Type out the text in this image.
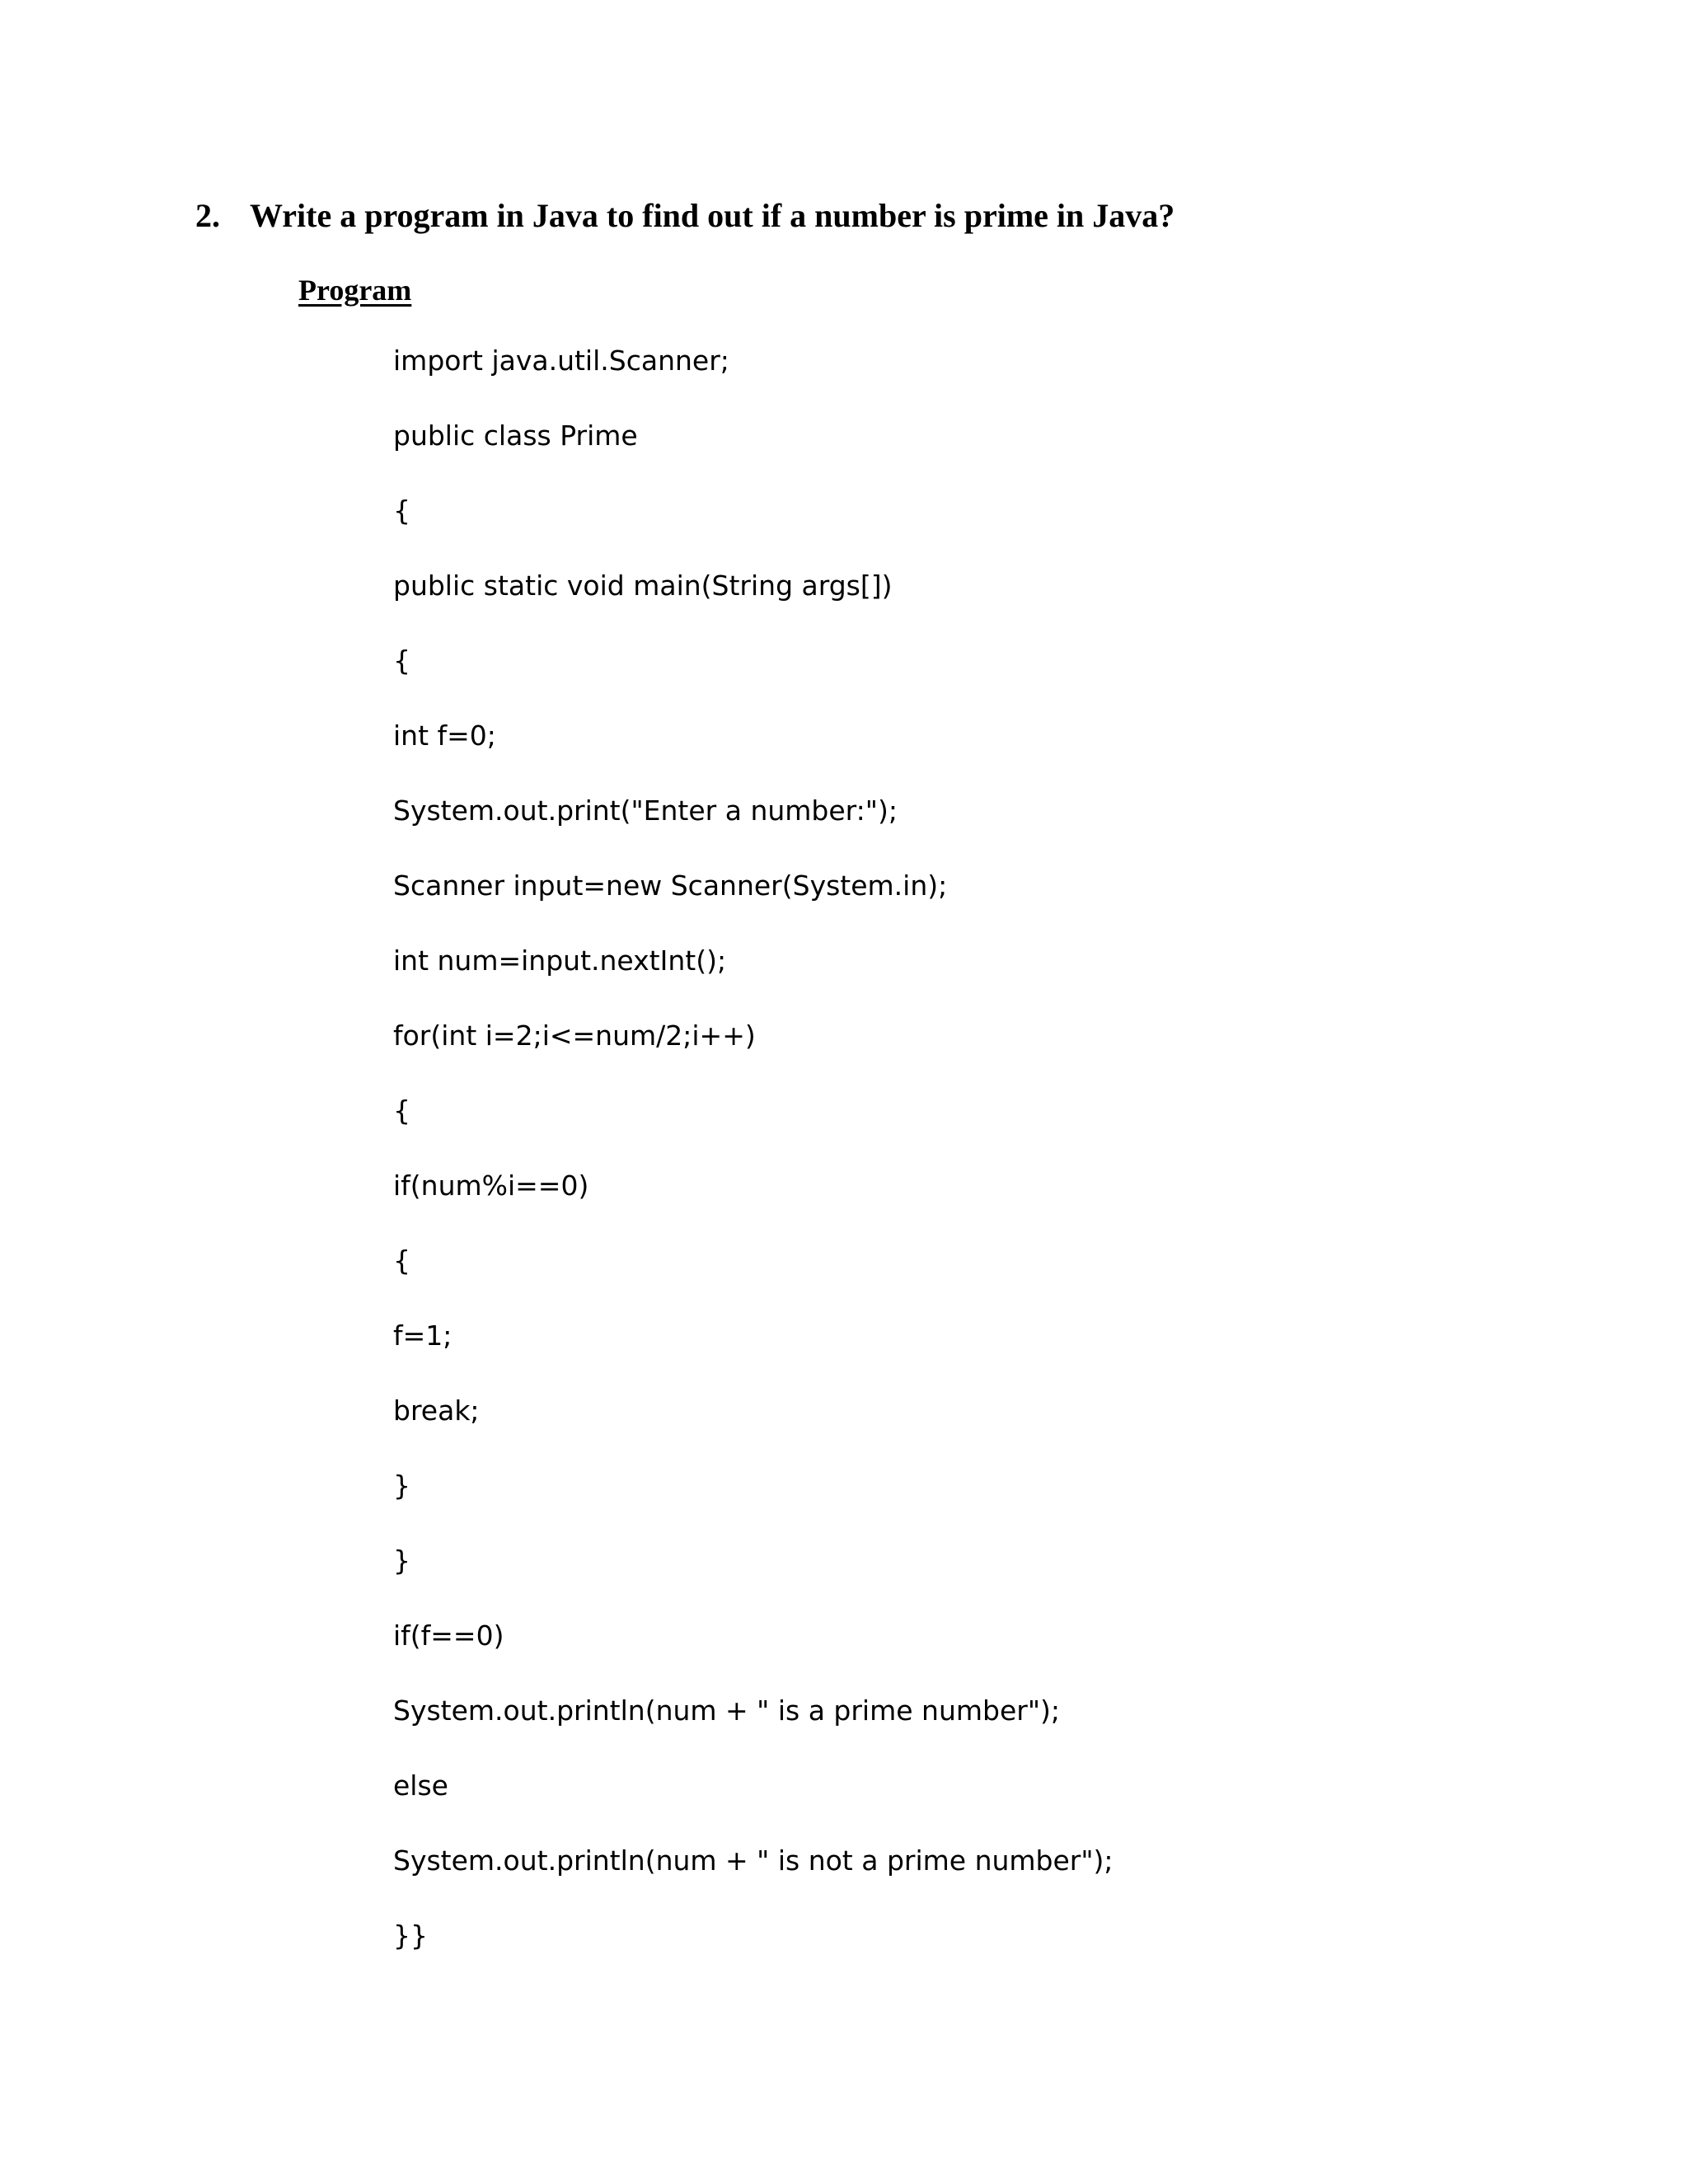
2. Write a program in Java to find out if a number is prime in Java?
Program
import java.util.Scanner;
public class Prime
{
public static void main(String args[])
{
int f=0;
System.out.print("Enter a number:");
Scanner input=new Scanner(System.in);
int num=input.nextInt();
for(int i=2;i<=num/2;i++)
{
if(num%i==0)
{
f=1;
break;
}
}
if(f==0)
System.out.println(num + " is a prime number");
else
System.out.println(num + " is not a prime number");
}}
